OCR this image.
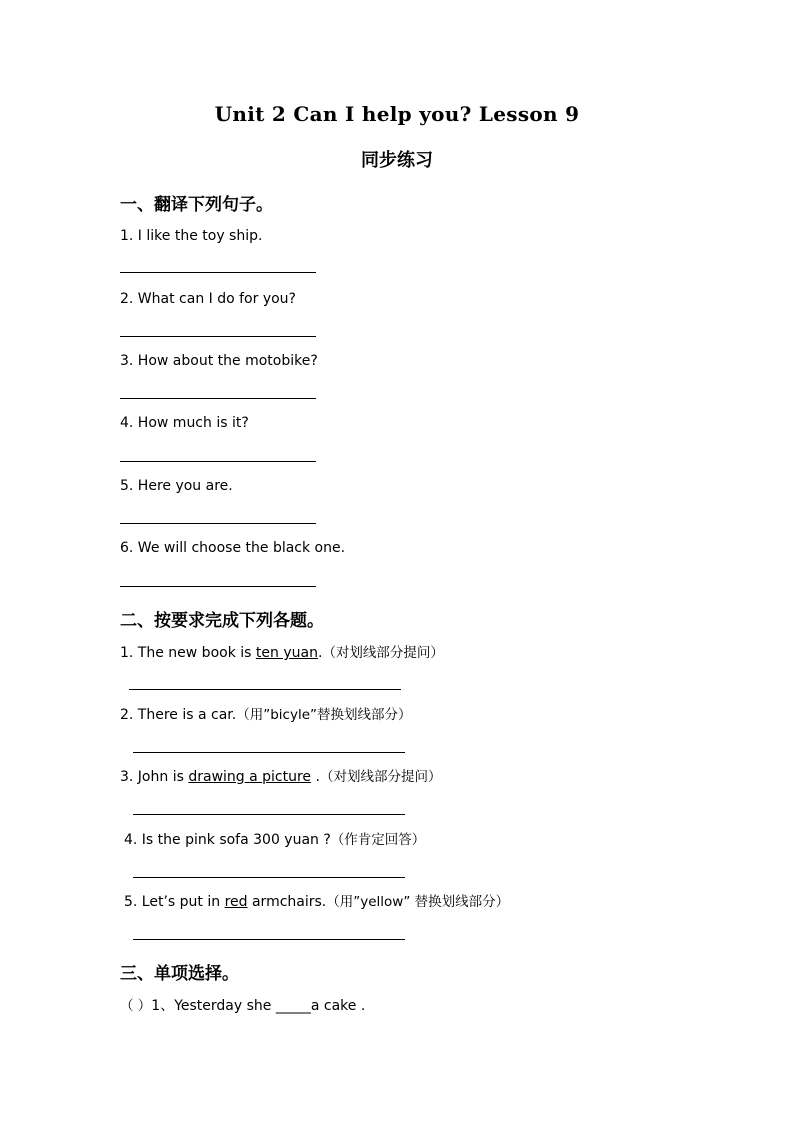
Unit 2 Can I help you? Lesson 9
同步练习
一、翻译下列句子。
1. I like the toy ship.
2. What can I do for you?
3. How about the motobike?
4. How much is it?
5. Here you are.
6. We will choose the black one.
二、按要求完成下列各题。
1. The new book is ten yuan.（对划线部分提问）
2. There is a car.（用”bicyle”替换划线部分）
3. John is drawing a picture .（对划线部分提问）
4. Is the pink sofa 300 yuan ?（作肯定回答）
5. Let’s put in red armchairs.（用”yellow” 替换划线部分）
三、单项选择。
（ ）1、Yesterday she _____a cake .
